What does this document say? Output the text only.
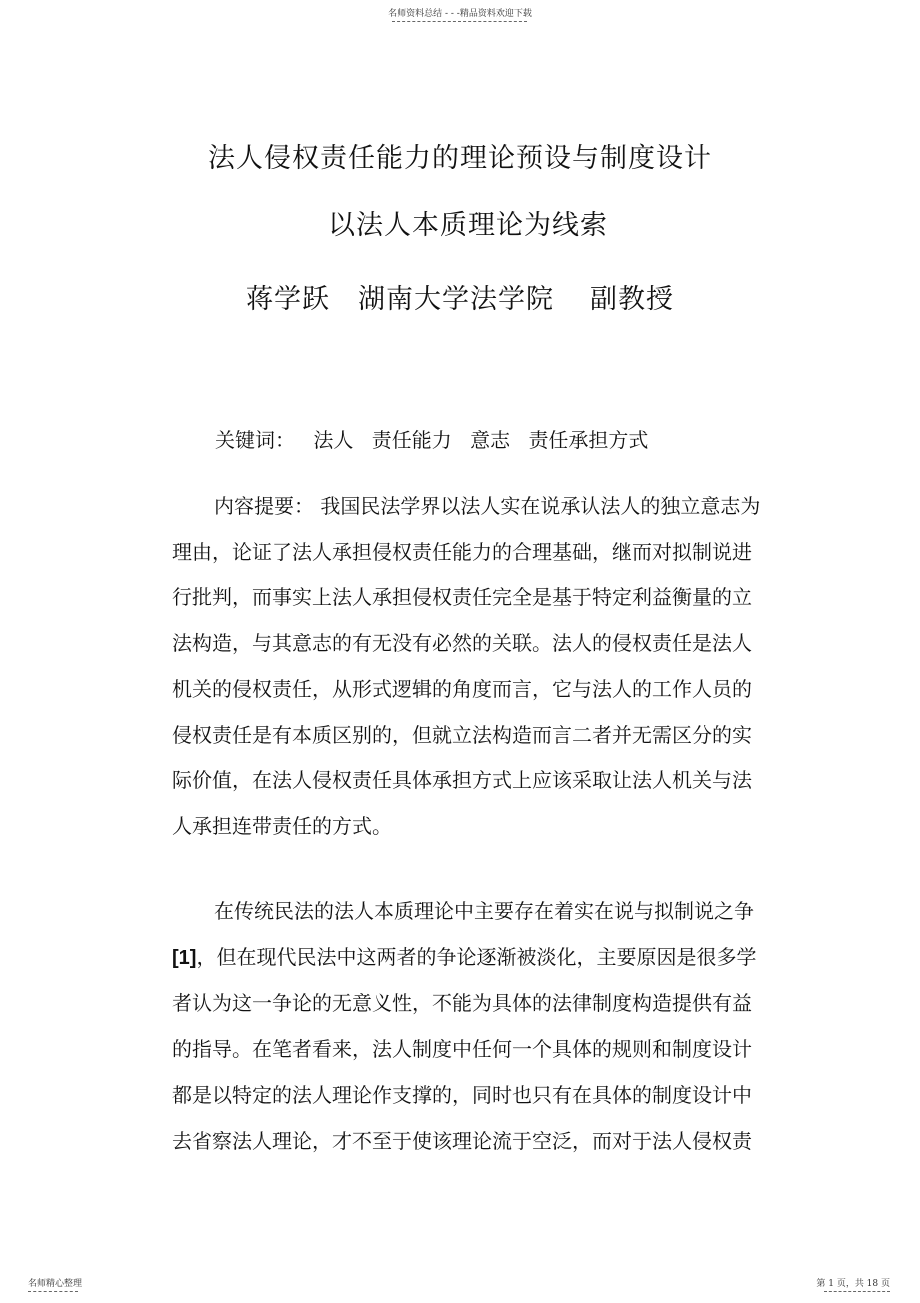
名师资料总结 - - -精品资料欢迎下载
法人侵权责任能力的理论预设与制度设计
以法人本质理论为线索
蒋学跃 湖南大学法学院 副教授
关键词： 法人 责任能力 意志 责任承担方式
内容提要： 我国民法学界以法人实在说承认法人的独立意志为
理由，论证了法人承担侵权责任能力的合理基础，继而对拟制说进
行批判，而事实上法人承担侵权责任完全是基于特定利益衡量的立
法构造，与其意志的有无没有必然的关联。法人的侵权责任是法人
机关的侵权责任，从形式逻辑的角度而言，它与法人的工作人员的
侵权责任是有本质区别的，但就立法构造而言二者并无需区分的实
际价值，在法人侵权责任具体承担方式上应该采取让法人机关与法
人承担连带责任的方式。
在传统民法的法人本质理论中主要存在着实在说与拟制说之争
[1]，但在现代民法中这两者的争论逐渐被淡化，主要原因是很多学
者认为这一争论的无意义性，不能为具体的法律制度构造提供有益
的指导。在笔者看来，法人制度中任何一个具体的规则和制度设计
都是以特定的法人理论作支撑的，同时也只有在具体的制度设计中
去省察法人理论，才不至于使该理论流于空泛，而对于法人侵权责
名师精心整理	第 1 页，共 18 页
